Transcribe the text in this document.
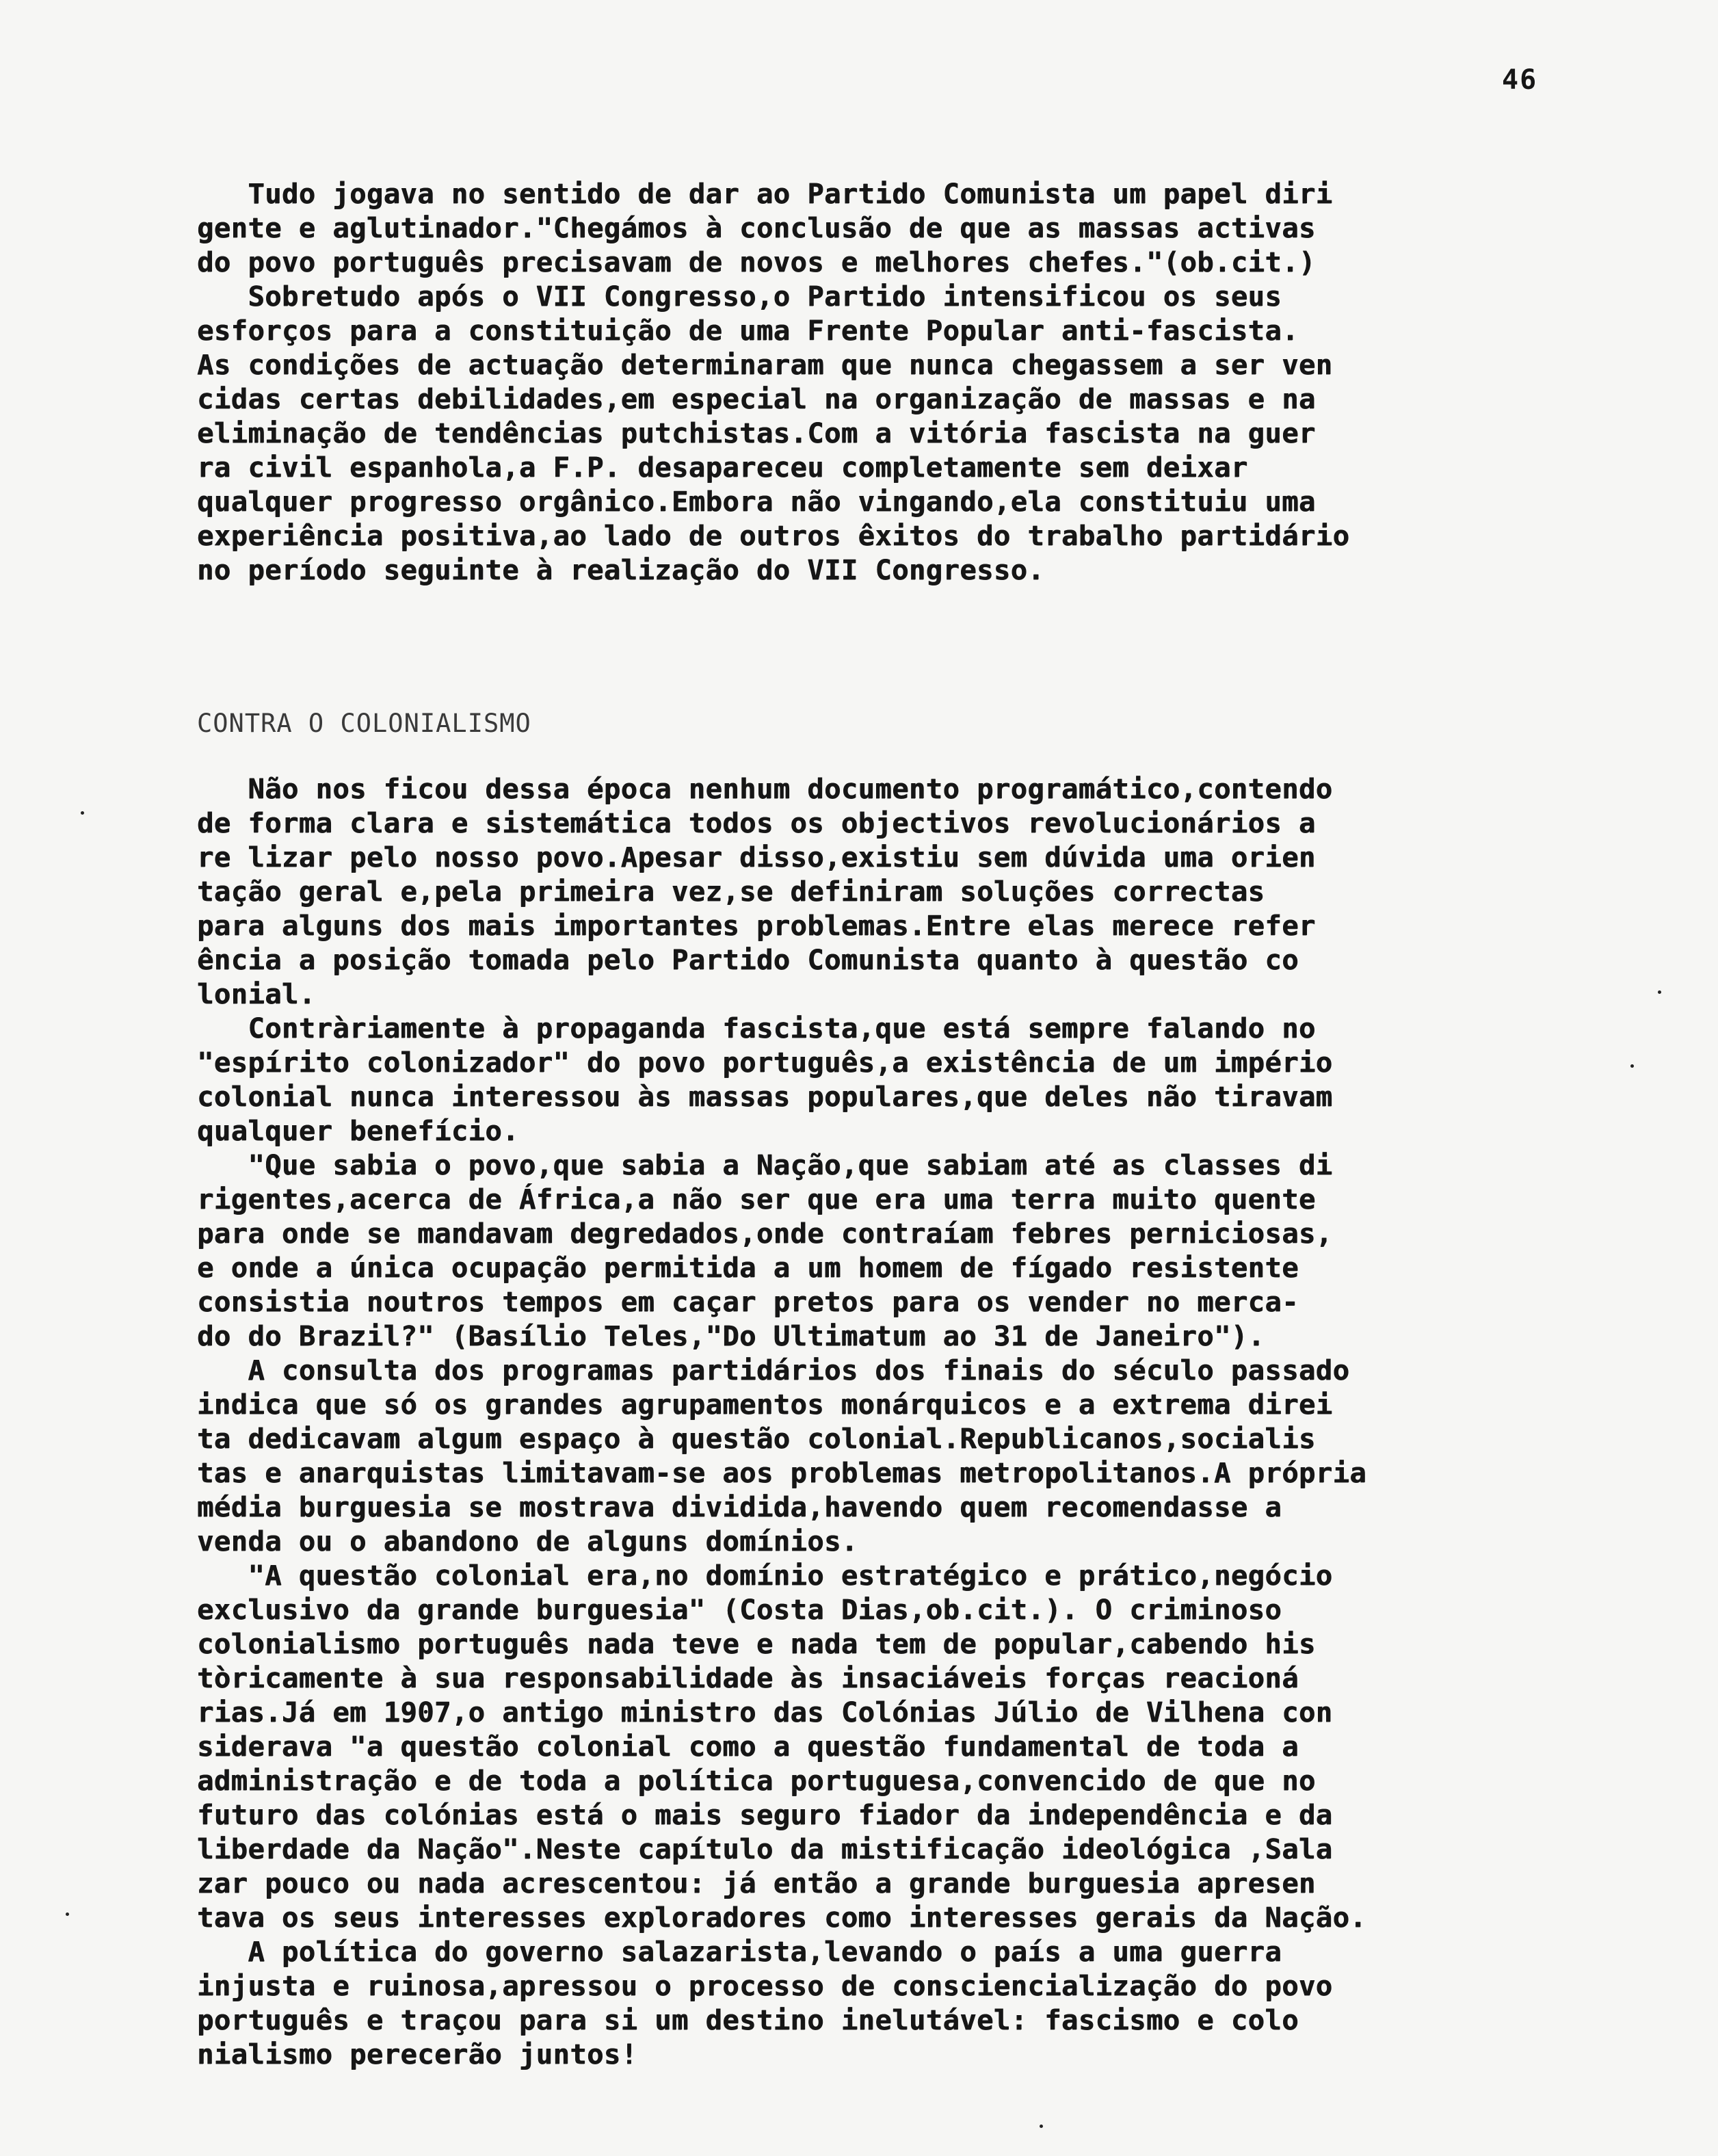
46
Tudo jogava no sentido de dar ao Partido Comunista um papel diri
gente e aglutinador."Chegámos à conclusão de que as massas activas
do povo português precisavam de novos e melhores chefes."(ob.cit.)
Sobretudo após o VII Congresso,o Partido intensificou os seus
esforços para a constituição de uma Frente Popular anti-fascista.
As condições de actuação determinaram que nunca chegassem a ser ven
cidas certas debilidades,em especial na organização de massas e na
eliminação de tendências putchistas.Com a vitória fascista na guer
ra civil espanhola,a F.P. desapareceu completamente sem deixar
qualquer progresso orgânico.Embora não vingando,ela constituiu uma
experiência positiva,ao lado de outros êxitos do trabalho partidário
no período seguinte à realização do VII Congresso.
CONTRA O COLONIALISMO
Não nos ficou dessa época nenhum documento programático,contendo
de forma clara e sistemática todos os objectivos revolucionários a
re lizar pelo nosso povo.Apesar disso,existiu sem dúvida uma orien
tação geral e,pela primeira vez,se definiram soluções correctas
para alguns dos mais importantes problemas.Entre elas merece refer
ência a posição tomada pelo Partido Comunista quanto à questão co
lonial.
Contràriamente à propaganda fascista,que está sempre falando no
"espírito colonizador" do povo português,a existência de um império
colonial nunca interessou às massas populares,que deles não tiravam
qualquer benefício.
"Que sabia o povo,que sabia a Nação,que sabiam até as classes di
rigentes,acerca de África,a não ser que era uma terra muito quente
para onde se mandavam degredados,onde contraíam febres perniciosas,
e onde a única ocupação permitida a um homem de fígado resistente
consistia noutros tempos em caçar pretos para os vender no merca-
do do Brazil?" (Basílio Teles,"Do Ultimatum ao 31 de Janeiro").
A consulta dos programas partidários dos finais do século passado
indica que só os grandes agrupamentos monárquicos e a extrema direi
ta dedicavam algum espaço à questão colonial.Republicanos,socialis
tas e anarquistas limitavam-se aos problemas metropolitanos.A própria
média burguesia se mostrava dividida,havendo quem recomendasse a
venda ou o abandono de alguns domínios.
"A questão colonial era,no domínio estratégico e prático,negócio
exclusivo da grande burguesia" (Costa Dias,ob.cit.). O criminoso
colonialismo português nada teve e nada tem de popular,cabendo his
tòricamente à sua responsabilidade às insaciáveis forças reacioná
rias.Já em 1907,o antigo ministro das Colónias Júlio de Vilhena con
siderava "a questão colonial como a questão fundamental de toda a
administração e de toda a política portuguesa,convencido de que no
futuro das colónias está o mais seguro fiador da independência e da
liberdade da Nação".Neste capítulo da mistificação ideológica ,Sala
zar pouco ou nada acrescentou: já então a grande burguesia apresen
tava os seus interesses exploradores como interesses gerais da Nação.
A política do governo salazarista,levando o país a uma guerra
injusta e ruinosa,apressou o processo de consciencialização do povo
português e traçou para si um destino inelutável: fascismo e colo
nialismo perecerão juntos!
